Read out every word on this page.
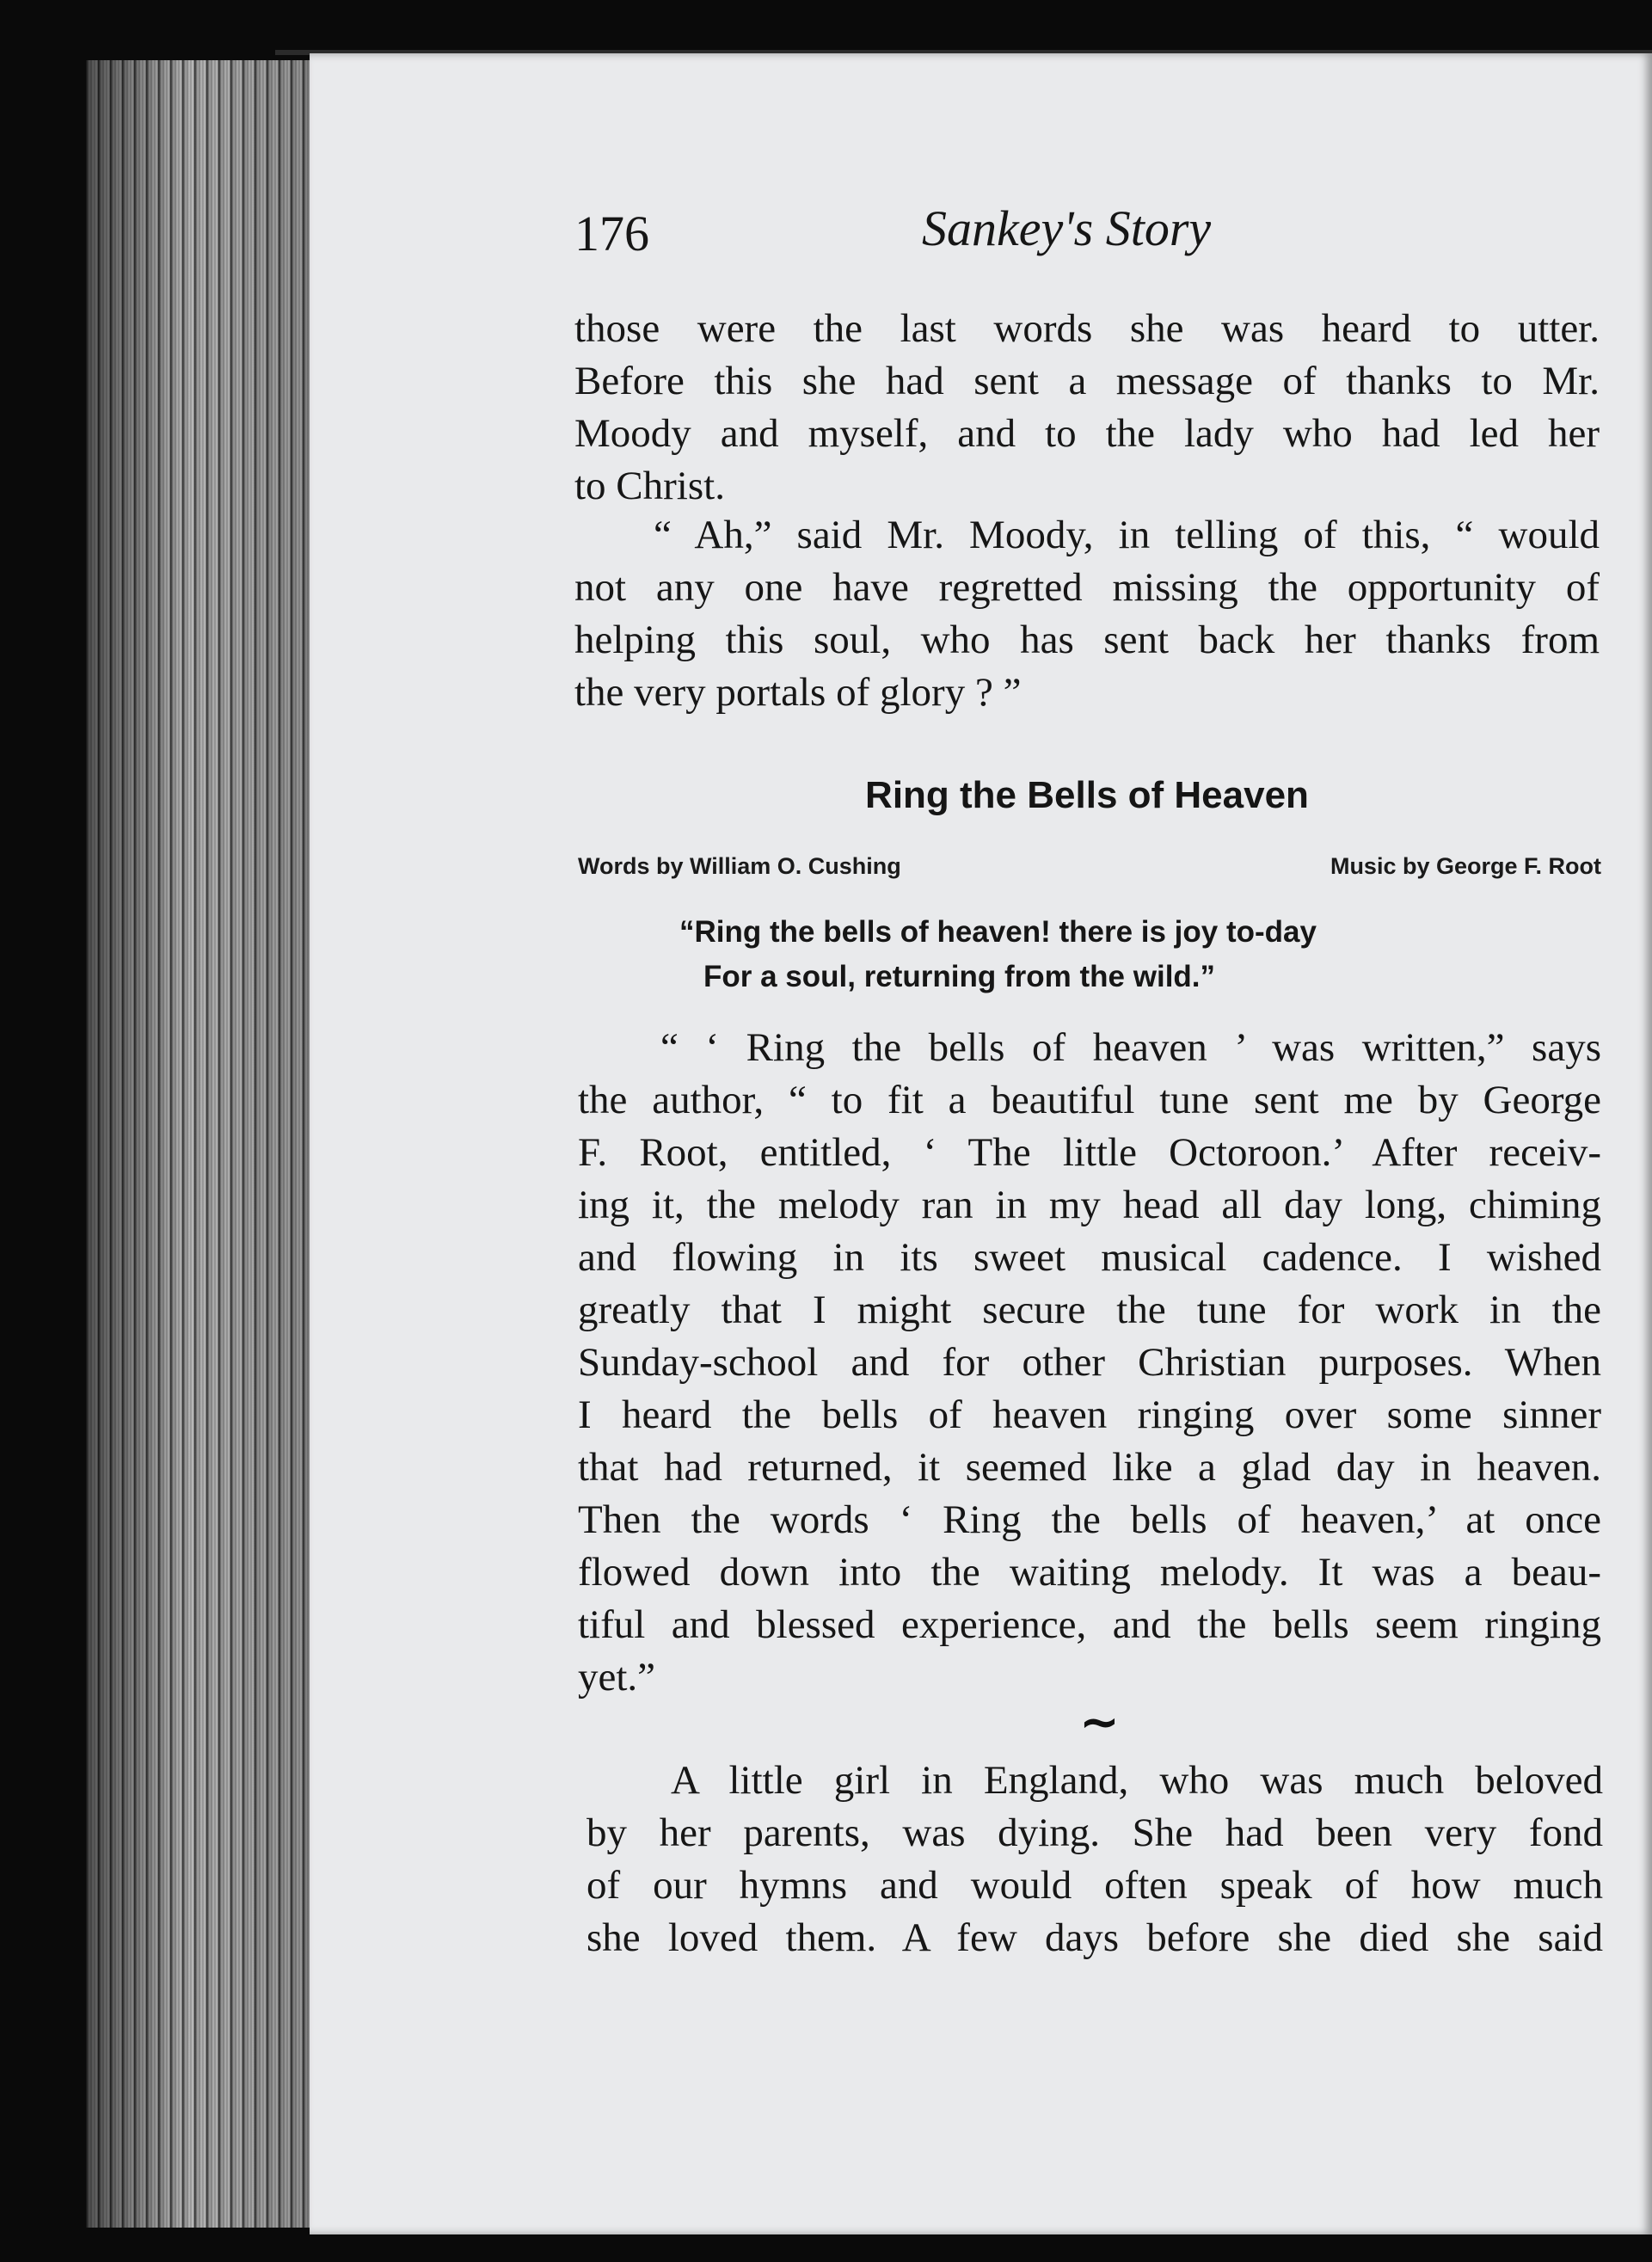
176	Sankey's Story

those were the last words she was heard to utter.

Before this she had sent a message of thanks to Mr.

Moody and myself, and to the lady who had led her

to Christ.

“ Ah,” said Mr. Moody, in telling of this, “ would

not any one have regretted missing the opportunity of

helping this soul, who has sent back her thanks from

the very portals of glory ? ”

Ring the Bells of Heaven
Words by William O. Cushing	Music by George F. Root
“Ring the bells of heaven! there is joy to-day
For a soul, returning from the wild.”

“ ‘ Ring the bells of heaven ’ was written,” says

the author, “ to fit a beautiful tune sent me by George

F. Root, entitled, ‘ The little Octoroon.’ After receiv-

ing it, the melody ran in my head all day long, chiming

and flowing in its sweet musical cadence. I wished

greatly that I might secure the tune for work in the

Sunday-school and for other Christian purposes. When

I heard the bells of heaven ringing over some sinner

that had returned, it seemed like a glad day in heaven.

Then the words ‘ Ring the bells of heaven,’ at once

flowed down into the waiting melody. It was a beau-

tiful and blessed experience, and the bells seem ringing

yet.”

~

A little girl in England, who was much beloved

by her parents, was dying. She had been very fond

of our hymns and would often speak of how much

she loved them. A few days before she died she said
